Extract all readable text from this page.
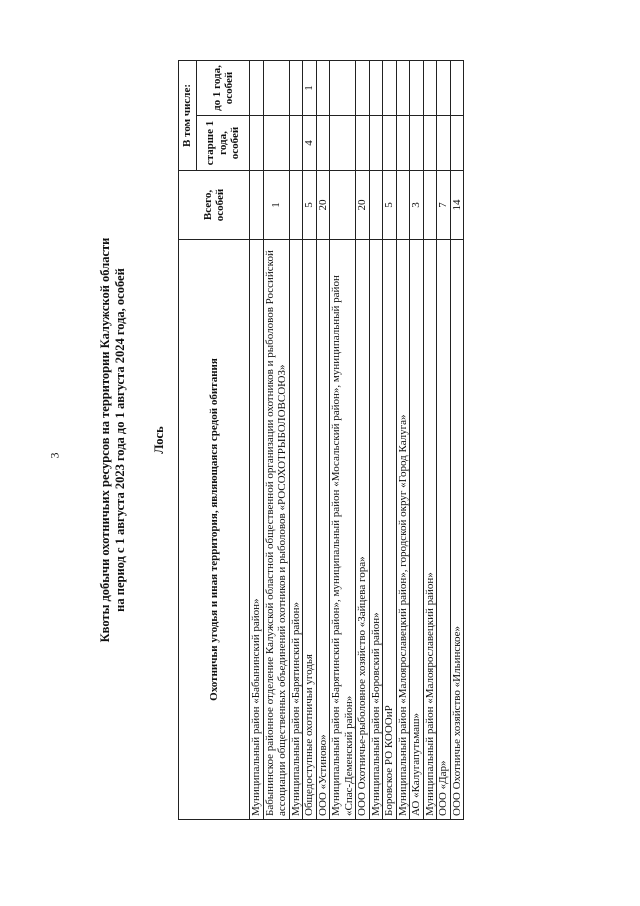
Квоты добычи охотничьих ресурсов на территории Калужской области на период с 1 августа 2023 года до 1 августа 2024 года, особей Лось	Охотничьи угодья и иная территория, являющаяся средой обитания	Всего, особей	В том числе:	
		старше 1 года, особей	до 1 года, особей
Муниципальный район «Бабынинский район»			
Бабынинское районное отделение Калужской областной общественной организации охотников и рыболовов Российской ассоциации общественных объединений охотников и рыболовов «РОСОХОТРЫБОЛОВСОЮЗ»	1		
Муниципальный район «Барятинский район»			
Общедоступные охотничьи угодья	5	4	1
ООО «Устиново»	20		
Муниципальный район «Барятинский район», муниципальный район «Мосальский район», муниципальный район «Спас-Деменский район»			
ООО Охотничье-рыболовное хозяйство «Зайцева гора»	20		
Муниципальный район «Боровский район»			
Боровское РО КОООиР	5		
Муниципальный район «Малоярославецкий район», городской округ «Город Калуга»			
АО «Калугапутьмаш»	3		
Муниципальный район «Малоярославецкий район»			
ООО «Дар»	7		
ООО Охотничье хозяйство «Ильинское»	14		
3
